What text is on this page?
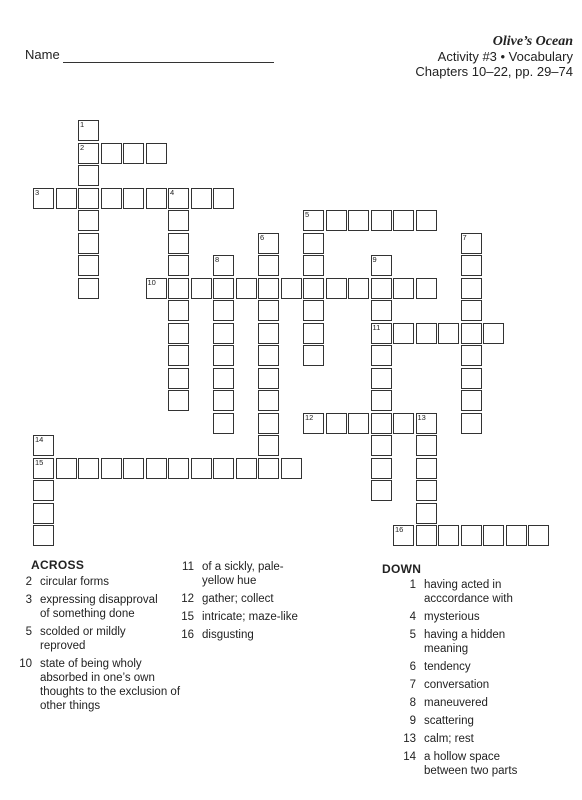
Name
Olive’s Ocean
Activity #3 • Vocabulary
Chapters 10–22, pp. 29–74
2
3	4
5
10
11
12	13
15
16
1
6	7
8	9
14
ACROSS
2 circular forms
3 expressing disapproval of something done
5 scolded or mildly reproved
10 state of being wholy absorbed in one’s own thoughts to the exclusion of other things
11 of a sickly, pale-yellow hue
12 gather; collect
15 intricate; maze-like
16 disgusting
DOWN
1 having acted in acccordance with
4 mysterious
5 having a hidden meaning
6 tendency
7 conversation
8 maneuvered
9 scattering
13 calm; rest
14 a hollow space between two parts
